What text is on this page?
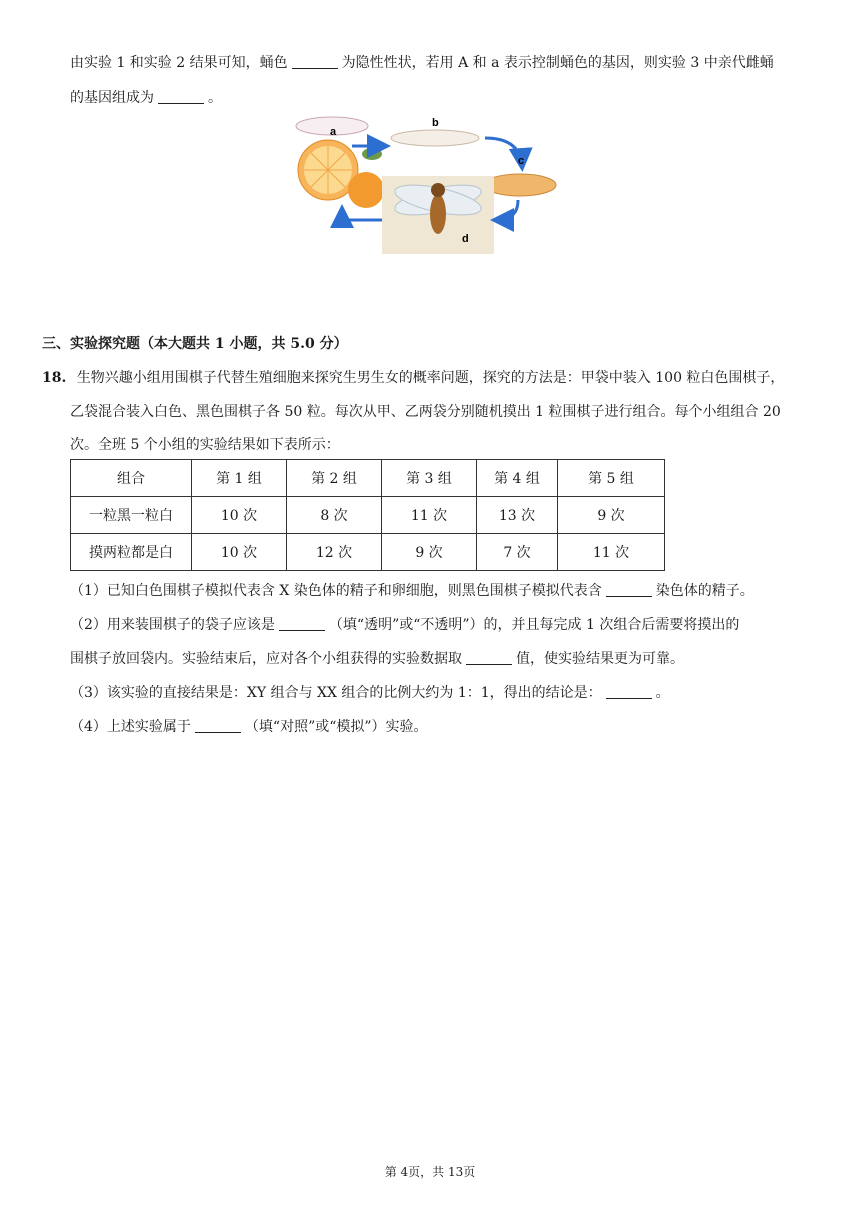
由实验 1 和实验 2 结果可知，蛹色	为隐性性状，若用 A 和 a 表示控制蛹色的基因，则实验 3 中亲代雌蛹
的基因组成为	。
a
b
c
d
三、实验探究题（本大题共 1 小题，共 5.0 分）
18. 生物兴趣小组用围棋子代替生殖细胞来探究生男生女的概率问题，探究的方法是：甲袋中装入 100 粒白色围棋子，
乙袋混合装入白色、黑色围棋子各 50 粒。每次从甲、乙两袋分别随机摸出 1 粒围棋子进行组合。每个小组组合 20
次。全班 5 个小组的实验结果如下表所示：
组合	第 1 组	第 2 组	第 3 组	第 4 组	第 5 组
一粒黑一粒白	10 次	8 次	11 次	13 次	9 次
摸两粒都是白	10 次	12 次	9 次	7 次	11 次
（1）已知白色围棋子模拟代表含 X 染色体的精子和卵细胞，则黑色围棋子模拟代表含	染色体的精子。
（2）用来装围棋子的袋子应该是	（填“透明”或“不透明”）的，并且每完成 1 次组合后需要将摸出的
围棋子放回袋内。实验结束后，应对各个小组获得的实验数据取	值，使实验结果更为可靠。
（3）该实验的直接结果是：XY 组合与 XX 组合的比例大约为 1：1，得出的结论是：	。
（4）上述实验属于	（填“对照”或“模拟”）实验。
第 4页，共 13页
